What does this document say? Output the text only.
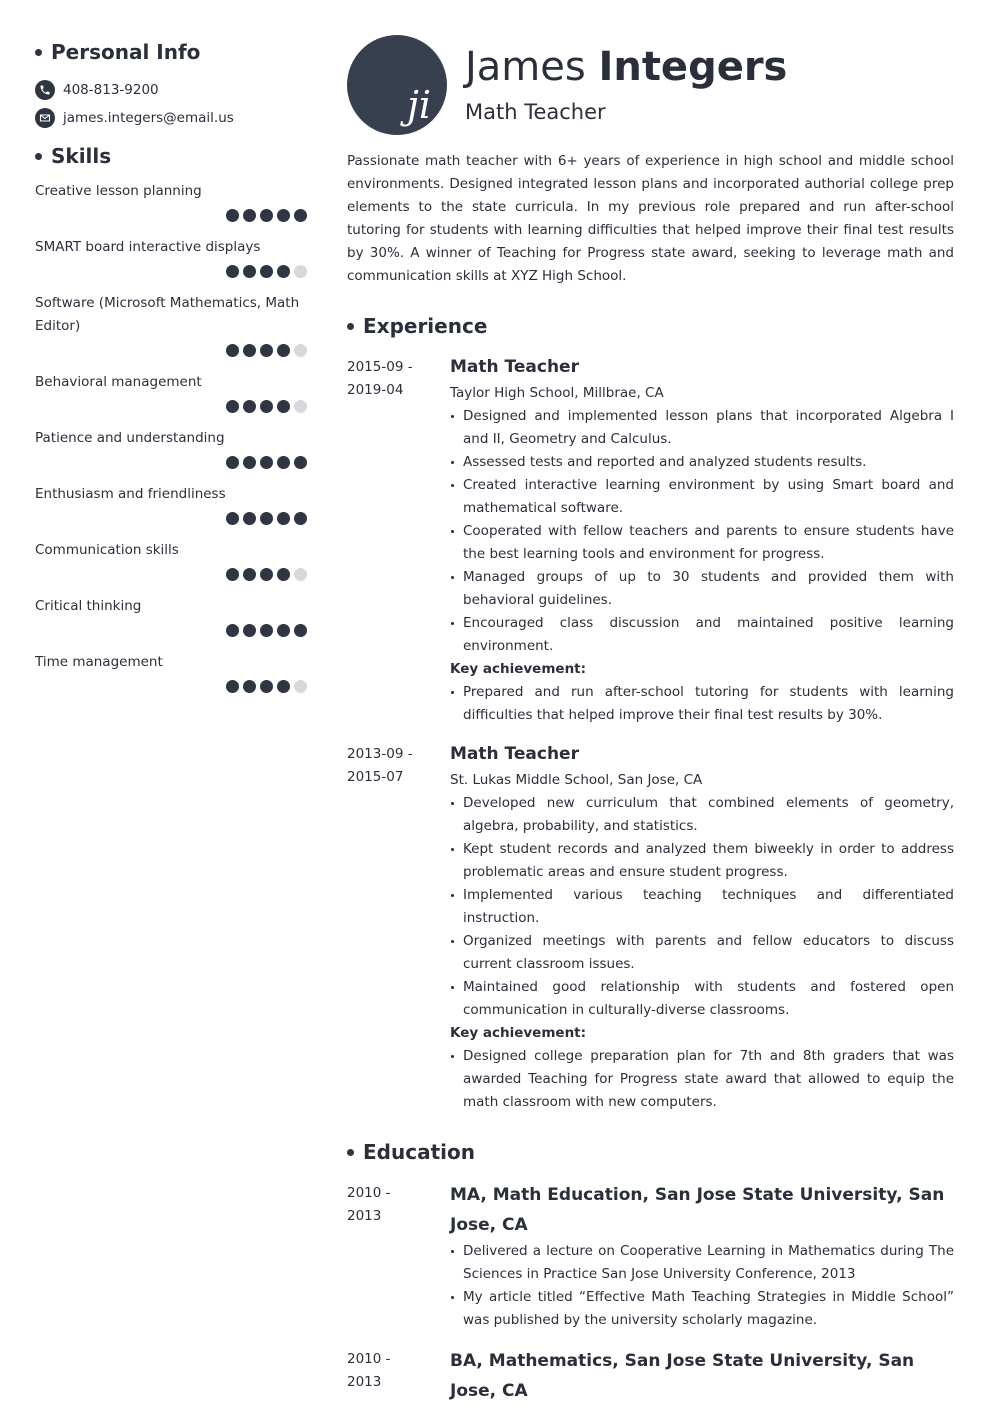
Personal Info
408-813-9200
james.integers@email.us
Skills
Creative lesson planning
SMART board interactive displays
Software (Microsoft Mathematics, Math Editor)
Behavioral management
Patience and understanding
Enthusiasm and friendliness
Communication skills
Critical thinking
Time management
ji
James Integers
Math Teacher

Passionate math teacher with 6+ years of experience in high school and middle school environments. Designed integrated lesson plans and incorporated authorial college prep elements to the state curricula. In my previous role prepared and run after-school tutoring for students with learning difficulties that helped improve their final test results by 30%. A winner of Teaching for Progress state award, seeking to leverage math and communication skills at XYZ High School.

Experience
2015-09 -
2019-04
Math Teacher
Taylor High School, Millbrae, CA
Designed and implemented lesson plans that incorporated Algebra I and II, Geometry and Calculus.
Assessed tests and reported and analyzed students results.
Created interactive learning environment by using Smart board and mathematical software.
Cooperated with fellow teachers and parents to ensure students have the best learning tools and environment for progress.
Managed groups of up to 30 students and provided them with behavioral guidelines.
Encouraged class discussion and maintained positive learning environment.
Key achievement:
Prepared and run after-school tutoring for students with learning difficulties that helped improve their final test results by 30%.
2013-09 -
2015-07
Math Teacher
St. Lukas Middle School, San Jose, CA
Developed new curriculum that combined elements of geometry, algebra, probability, and statistics.
Kept student records and analyzed them biweekly in order to address problematic areas and ensure student progress.
Implemented various teaching techniques and differentiated instruction.
Organized meetings with parents and fellow educators to discuss current classroom issues.
Maintained good relationship with students and fostered open communication in culturally-diverse classrooms.
Key achievement:
Designed college preparation plan for 7th and 8th graders that was awarded Teaching for Progress state award that allowed to equip the math classroom with new computers.
Education
2010 -
2013
MA, Math Education, San Jose State University, San Jose, CA
Delivered a lecture on Cooperative Learning in Mathematics during The Sciences in Practice San Jose University Conference, 2013
My article titled “Effective Math Teaching Strategies in Middle School” was published by the university scholarly magazine.
2010 -
2013
BA, Mathematics, San Jose State University, San Jose, CA
